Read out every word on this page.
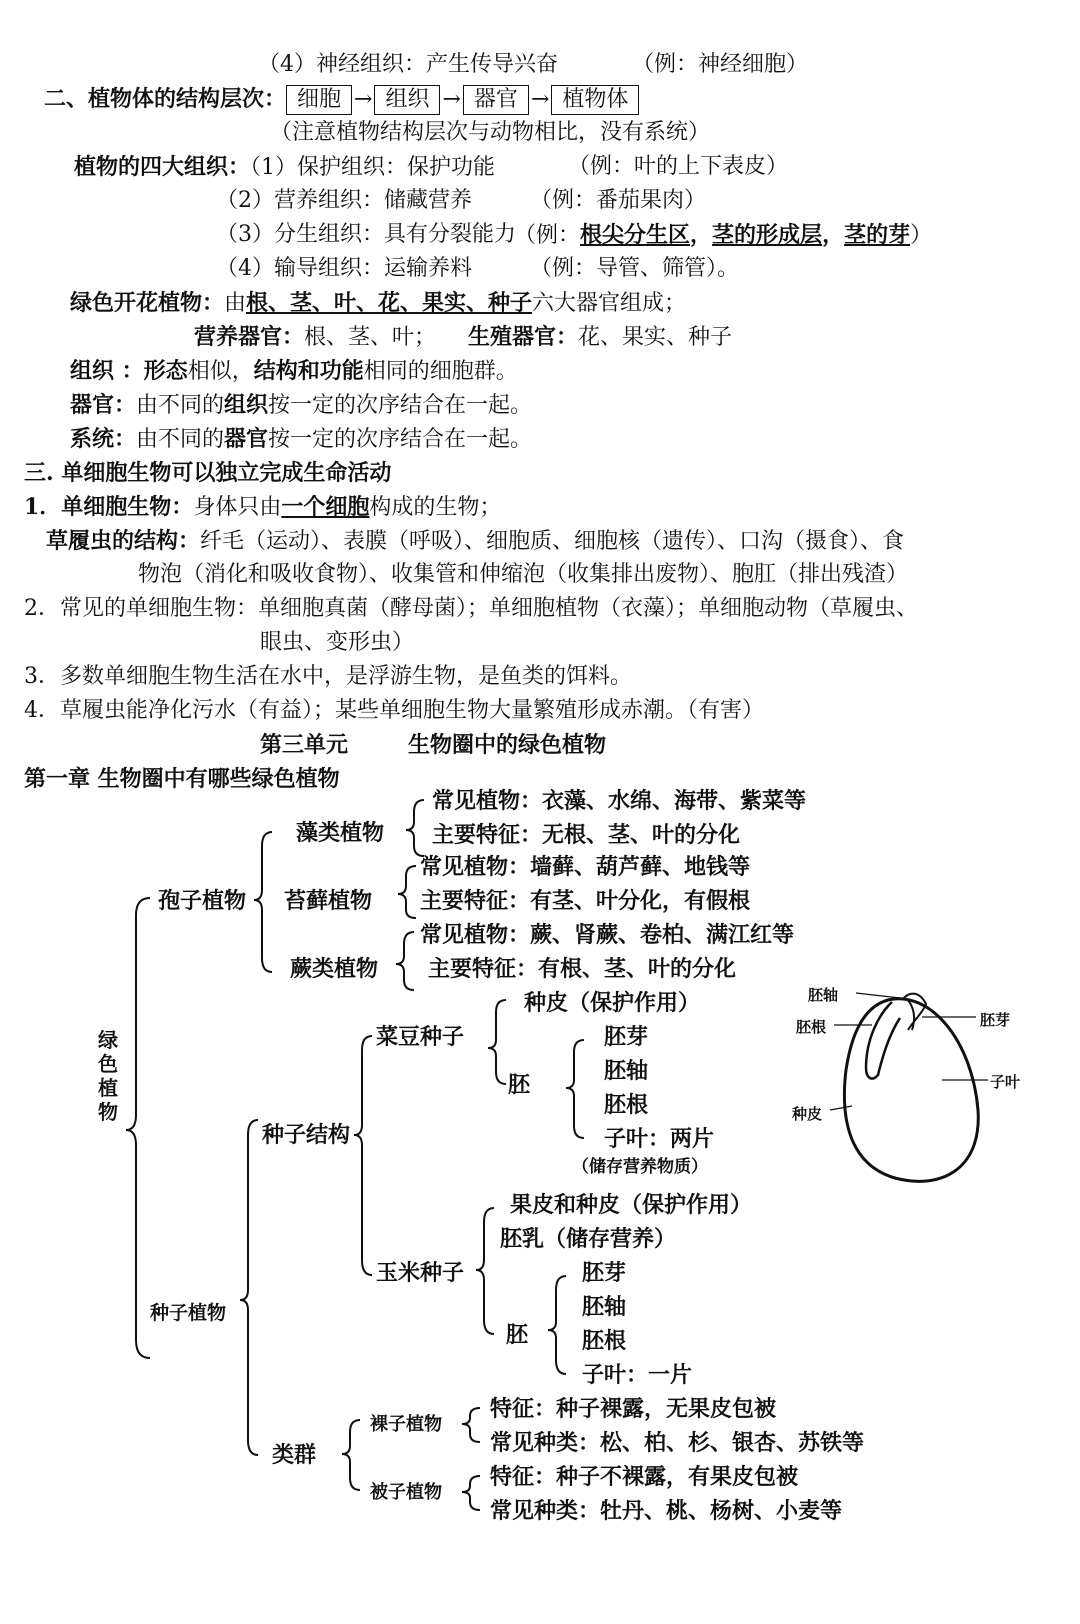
（4）神经组织：产生传导兴奋	（例：神经细胞）
二、植物体的结构层次： 细胞 → 组织 → 器官 → 植物体
（注意植物结构层次与动物相比，没有系统）
植物的四大组织：（1）保护组织：保护功能	（例：叶的上下表皮）
（2）营养组织：储藏营养	（例：番茄果肉）
（3）分生组织：具有分裂能力
（例：根尖分生区，茎的形成层，茎的芽）
（4）输导组织：运输养料	（例：导管、筛管）。
绿色开花植物：由根、茎、叶、花、果实、种子六大器官组成；
营养器官：根、茎、叶； 生殖器官：花、果实、种子
组织 ：形态相似，结构和功能相同的细胞群。
器官：由不同的组织按一定的次序结合在一起。
系统：由不同的器官按一定的次序结合在一起。
三. 单细胞生物可以独立完成生命活动
1．单细胞生物：身体只由一个细胞构成的生物；
草履虫的结构：纤毛（运动）、表膜（呼吸）、细胞质、细胞核（遗传）、口沟（摄食）、食
物泡（消化和吸收食物）、收集管和伸缩泡（收集排出废物）、胞肛（排出残渣）
2．常见的单细胞生物：单细胞真菌（酵母菌）；单细胞植物（衣藻）；单细胞动物（草履虫、
眼虫、变形虫）
3．多数单细胞生物生活在水中，是浮游生物，是鱼类的饵料。
4．草履虫能净化污水（有益）；某些单细胞生物大量繁殖形成赤潮。（有害）
第三单元	生物圈中的绿色植物
第一章 生物圈中有哪些绿色植物
绿色植物
孢子植物
藻类植物
常见植物：衣藻、水绵、海带、紫菜等
主要特征：无根、茎、叶的分化
苔藓植物
常见植物：墙藓、葫芦藓、地钱等
主要特征：有茎、叶分化，有假根
蕨类植物
常见植物：蕨、肾蕨、卷柏、满江红等
主要特征：有根、茎、叶的分化
种子植物
种子结构
菜豆种子
种皮（保护作用）
胚
胚芽
胚轴
胚根
子叶：两片
（储存营养物质）
玉米种子
果皮和种皮（保护作用）
胚乳（储存营养）
胚
胚芽
胚轴
胚根
子叶：一片
类群
裸子植物
特征：种子裸露，无果皮包被
常见种类：松、柏、杉、银杏、苏铁等
被子植物
特征：种子不裸露，有果皮包被
常见种类：牡丹、桃、杨树、小麦等
胚轴
胚根	胚芽
子叶
种皮
